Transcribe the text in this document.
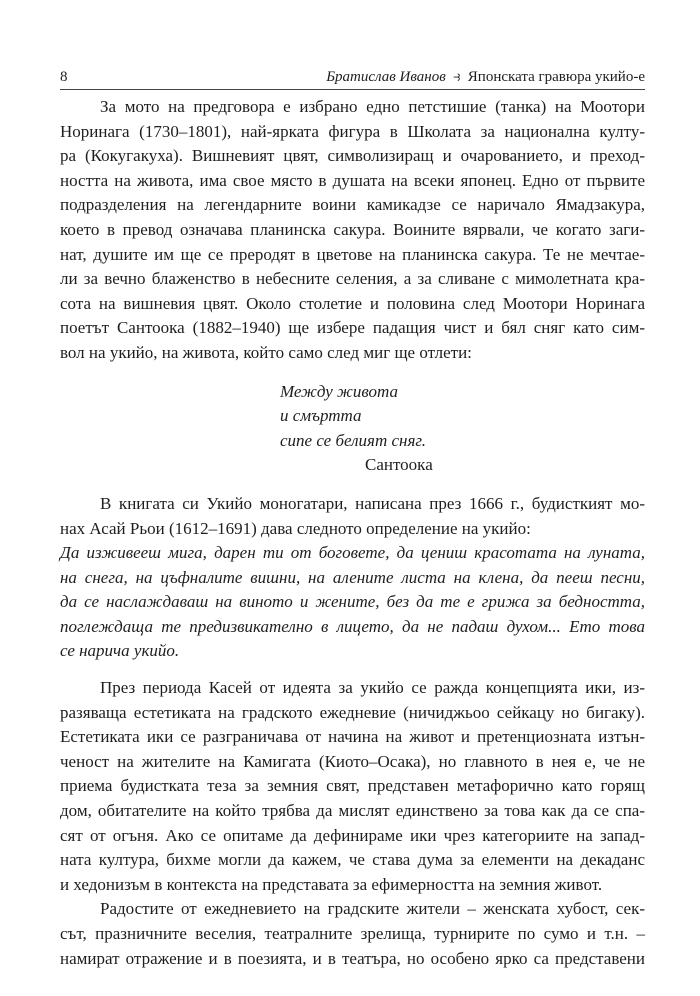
8	Братислав Иванов ⥽ Японската гравюра укийо-е

За мото на предговора е избрано едно петстишие (танка) на Моотори
Норинага (1730–1801), най-ярката фигура в Школата за национална култу-
ра (Кокугакуха). Вишневият цвят, символизиращ и очарованието, и преход-
ността на живота, има свое място в душата на всеки японец. Едно от първите
подразделения на легендарните воини камикадзе се наричало Ямадзакура,
което в превод означава планинска сакура. Воините вярвали, че когато заги-
нат, душите им ще се преродят в цветове на планинска сакура. Те не мечтае-
ли за вечно блаженство в небесните селения, а за сливане с мимолетната кра-
сота на вишневия цвят. Около столетие и половина след Моотори Норинага
поетът Сантоока (1882–1940) ще избере падащия чист и бял сняг като сим-
вол на укийо, на живота, който само след миг ще отлети:

Между живота
и смъртта
сипе се белият сняг.
Сантоока

В книгата си Укийо моногатари, написана през 1666 г., будисткият мо-
нах Асай Рьои (1612–1691) дава следното определение на укийо:

Да изживееш мига, дарен ти от боговете, да цениш красотата на луната,
на снега, на цъфналите вишни, на алените листа на клена, да пееш песни,
да се наслаждаваш на виното и жените, без да те е грижа за бедността,
поглеждаща те предизвикателно в лицето, да не падаш духом... Ето това
се нарича укийо.

През периода Касей от идеята за укийо се ражда концепцията ики, из-
разяваща естетиката на градското ежедневие (ничиджьоо сейкацу но бигаку).
Естетиката ики се разграничава от начина на живот и претенциозната изтън-
ченост на жителите на Камигата (Киото–Осака), но главното в нея е, че не
приема будистката теза за земния свят, представен метафорично като горящ
дом, обитателите на който трябва да мислят единствено за това как да се спа-
сят от огъня. Ако се опитаме да дефинираме ики чрез категориите на запад-
ната култура, бихме могли да кажем, че става дума за елементи на декаданс
и хедонизъм в контекста на представата за ефимерността на земния живот.

Радостите от ежедневието на градските жители – женската хубост, сек-
сът, празничните веселия, театралните зрелища, турнирите по сумо и т.н. –
намират отражение и в поезията, и в театъра, но особено ярко са представени
